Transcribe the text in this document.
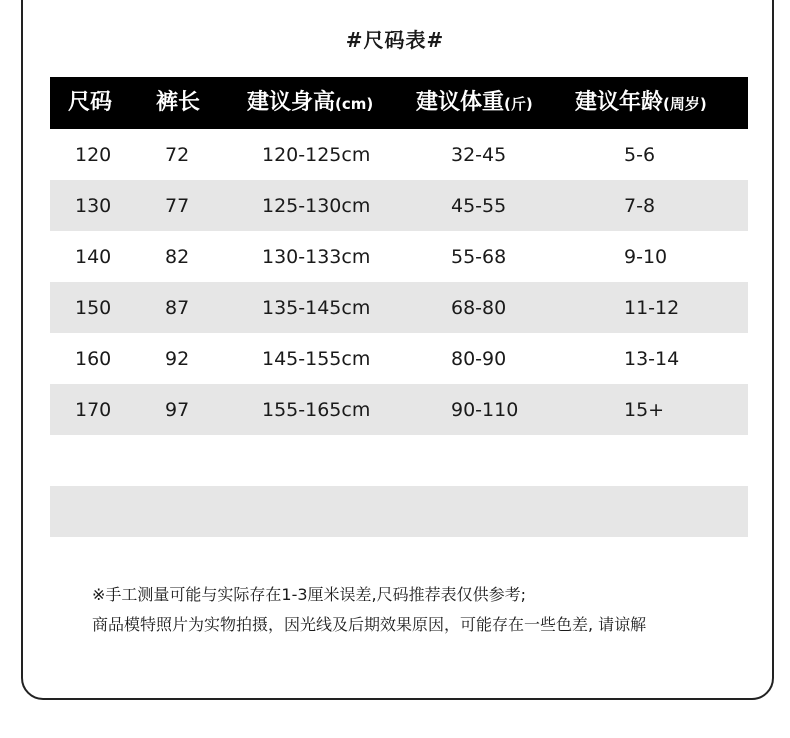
#尺码表#
尺码 裤长 建议身高(cm) 建议体重(斤) 建议年龄(周岁)
120	72	120-125cm	32-45	5-6
130	77	125-130cm	45-55	7-8
140	82	130-133cm	55-68	9-10
150	87	135-145cm	68-80	11-12
160	92	145-155cm	80-90	13-14
170	97	155-165cm	90-110	15+
※手工测量可能与实际存在1-3厘米误差,尺码推荐表仅供参考;
商品模特照片为实物拍摄，因光线及后期效果原因，可能存在一些色差, 请谅解
